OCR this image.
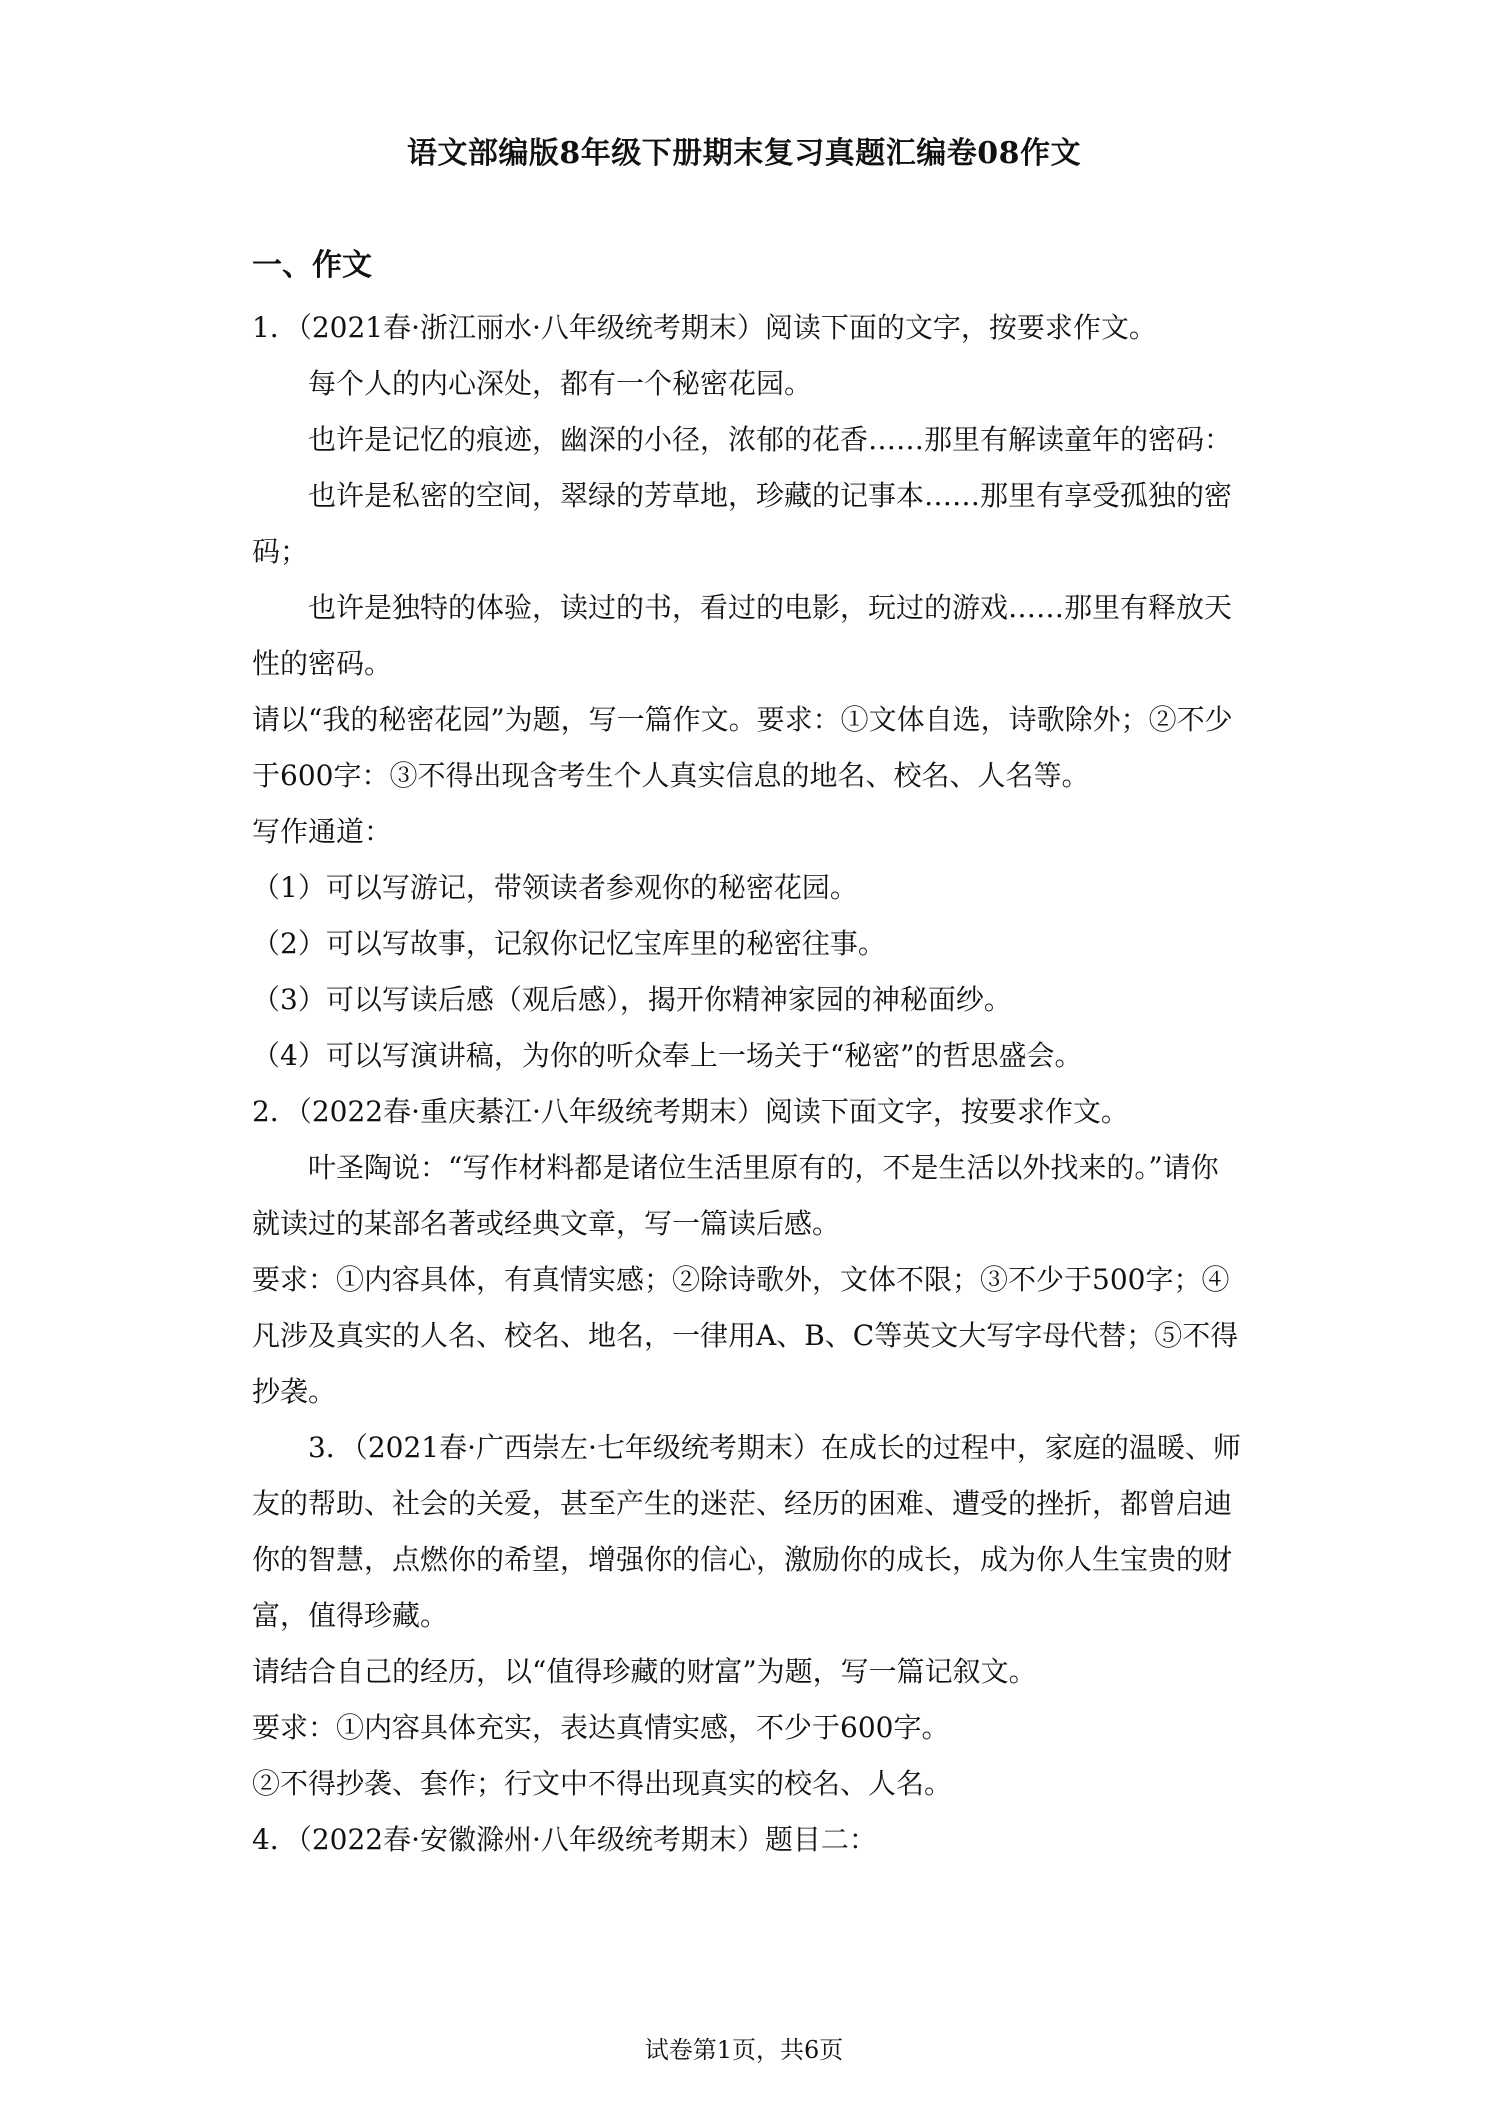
语文部编版8年级下册期末复习真题汇编卷08作文
一、作文
1．（2021春·浙江丽水·八年级统考期末）阅读下面的文字，按要求作文。
每个人的内心深处，都有一个秘密花园。
也许是记忆的痕迹，幽深的小径，浓郁的花香……那里有解读童年的密码：
也许是私密的空间，翠绿的芳草地，珍藏的记事本……那里有享受孤独的密码；
也许是独特的体验，读过的书，看过的电影，玩过的游戏……那里有释放天性的密码。
请以“我的秘密花园”为题，写一篇作文。要求：①文体自选，诗歌除外；②不少于600字：③不得出现含考生个人真实信息的地名、校名、人名等。
写作通道：
（1）可以写游记，带领读者参观你的秘密花园。
（2）可以写故事，记叙你记忆宝库里的秘密往事。
（3）可以写读后感（观后感），揭开你精神家园的神秘面纱。
（4）可以写演讲稿，为你的听众奉上一场关于“秘密”的哲思盛会。
2．（2022春·重庆綦江·八年级统考期末）阅读下面文字，按要求作文。
叶圣陶说：“写作材料都是诸位生活里原有的，不是生活以外找来的。”请你就读过的某部名著或经典文章，写一篇读后感。
要求：①内容具体，有真情实感；②除诗歌外，文体不限；③不少于500字；④凡涉及真实的人名、校名、地名，一律用A、B、C等英文大写字母代替；⑤不得抄袭。
3．（2021春·广西崇左·七年级统考期末）在成长的过程中，家庭的温暖、师友的帮助、社会的关爱，甚至产生的迷茫、经历的困难、遭受的挫折，都曾启迪你的智慧，点燃你的希望，增强你的信心，激励你的成长，成为你人生宝贵的财富，值得珍藏。
请结合自己的经历，以“值得珍藏的财富”为题，写一篇记叙文。
要求：①内容具体充实，表达真情实感，不少于600字。
②不得抄袭、套作；行文中不得出现真实的校名、人名。
4．（2022春·安徽滁州·八年级统考期末）题目二：
试卷第1页，共6页
